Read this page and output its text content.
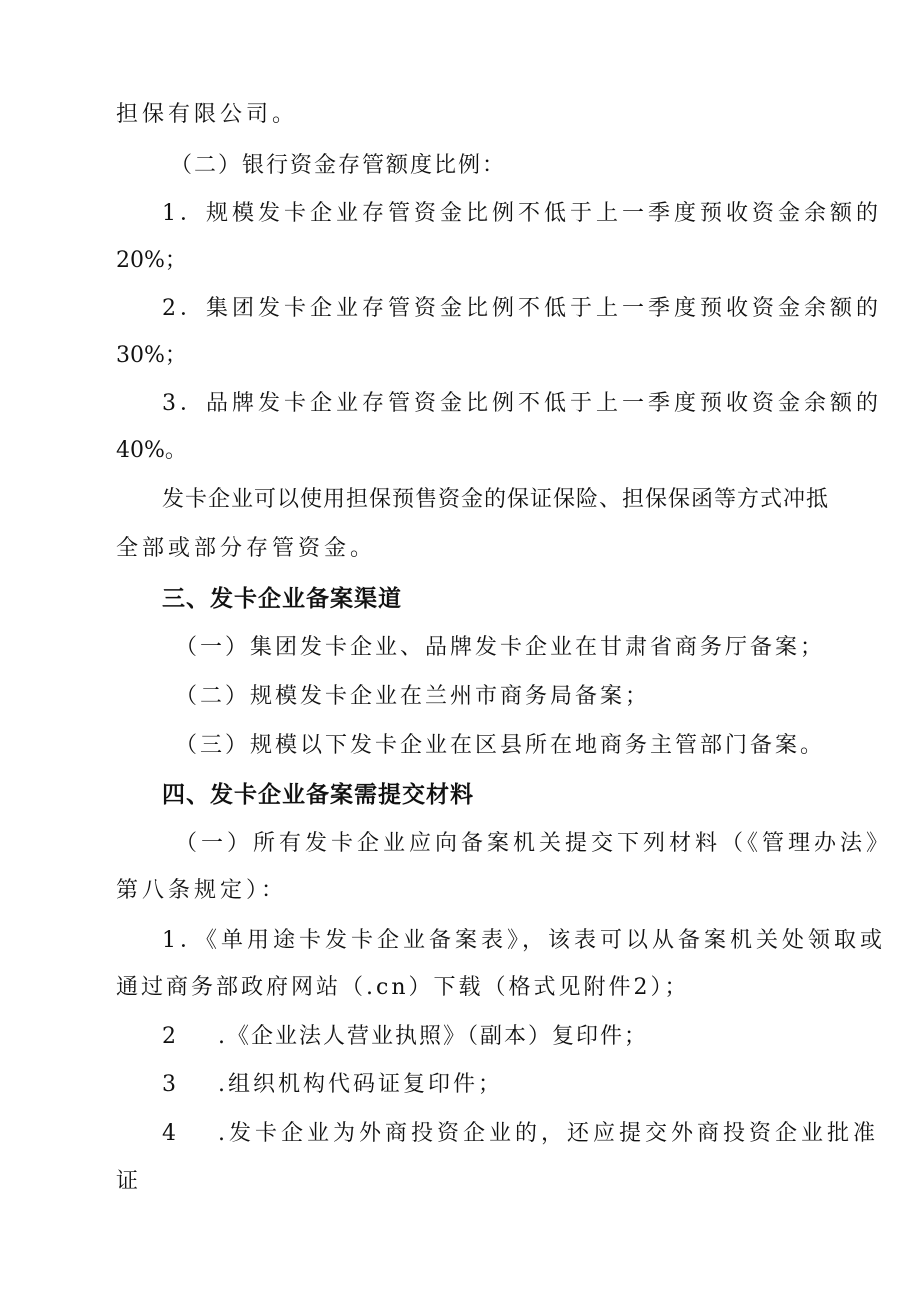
担保有限公司。
（二）银行资金存管额度比例：
1．规模发卡企业存管资金比例不低于上一季度预收资金余额的
20%；
2．集团发卡企业存管资金比例不低于上一季度预收资金余额的
30%；
3．品牌发卡企业存管资金比例不低于上一季度预收资金余额的
40%。
发卡企业可以使用担保预售资金的保证保险、担保保函等方式冲抵
全部或部分存管资金。
三、发卡企业备案渠道
（一）集团发卡企业、品牌发卡企业在甘肃省商务厅备案；
（二）规模发卡企业在兰州市商务局备案；
（三）规模以下发卡企业在区县所在地商务主管部门备案。
四、发卡企业备案需提交材料
（一）所有发卡企业应向备案机关提交下列材料（《管理办法》
第八条规定）：
1．《单用途卡发卡企业备案表》，该表可以从备案机关处领取或
通过商务部政府网站（.cn）下载（格式见附件2）；
2 .《企业法人营业执照》（副本）复印件；
3 .组织机构代码证复印件；
4 .发卡企业为外商投资企业的，还应提交外商投资企业批准
证
